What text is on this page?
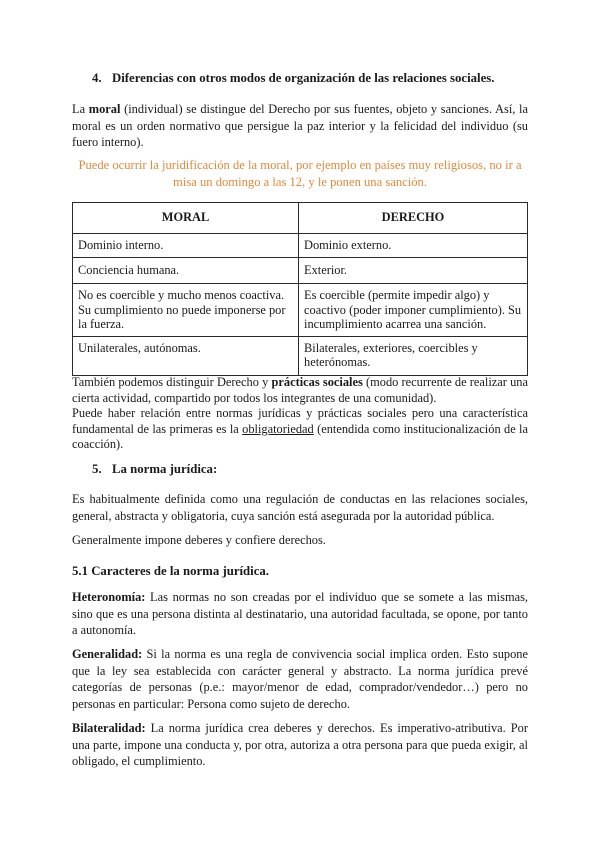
4. Diferencias con otros modos de organización de las relaciones sociales.
La moral (individual) se distingue del Derecho por sus fuentes, objeto y sanciones. Así, la moral es un orden normativo que persigue la paz interior y la felicidad del individuo (su fuero interno).
Puede ocurrir la juridificación de la moral, por ejemplo en países muy religiosos, no ir a misa un domingo a las 12, y le ponen una sanción.
MORAL	DERECHO
Dominio interno.	Dominio externo.
Conciencia humana.	Exterior.
No es coercible y mucho menos coactiva. Su cumplimiento no puede imponerse por la fuerza.	Es coercible (permite impedir algo) y coactivo (poder imponer cumplimiento). Su incumplimiento acarrea una sanción.
Unilaterales, autónomas.	Bilaterales, exteriores, coercibles y heterónomas.
También podemos distinguir Derecho y prácticas sociales (modo recurrente de realizar una cierta actividad, compartido por todos los integrantes de una comunidad).
Puede haber relación entre normas jurídicas y prácticas sociales pero una característica fundamental de las primeras es la obligatoriedad (entendida como institucionalización de la coacción).
5. La norma jurídica:
Es habitualmente definida como una regulación de conductas en las relaciones sociales, general, abstracta y obligatoria, cuya sanción está asegurada por la autoridad pública.
Generalmente impone deberes y confiere derechos.
5.1 Caracteres de la norma jurídica.
Heteronomía: Las normas no son creadas por el individuo que se somete a las mismas, sino que es una persona distinta al destinatario, una autoridad facultada, se opone, por tanto a autonomía.
Generalidad: Si la norma es una regla de convivencia social implica orden. Esto supone que la ley sea establecida con carácter general y abstracto. La norma jurídica prevé categorías de personas (p.e.: mayor/menor de edad, comprador/vendedor…) pero no personas en particular: Persona como sujeto de derecho.
Bilateralidad: La norma jurídica crea deberes y derechos. Es imperativo-atributiva. Por una parte, impone una conducta y, por otra, autoriza a otra persona para que pueda exigir, al obligado, el cumplimiento.
